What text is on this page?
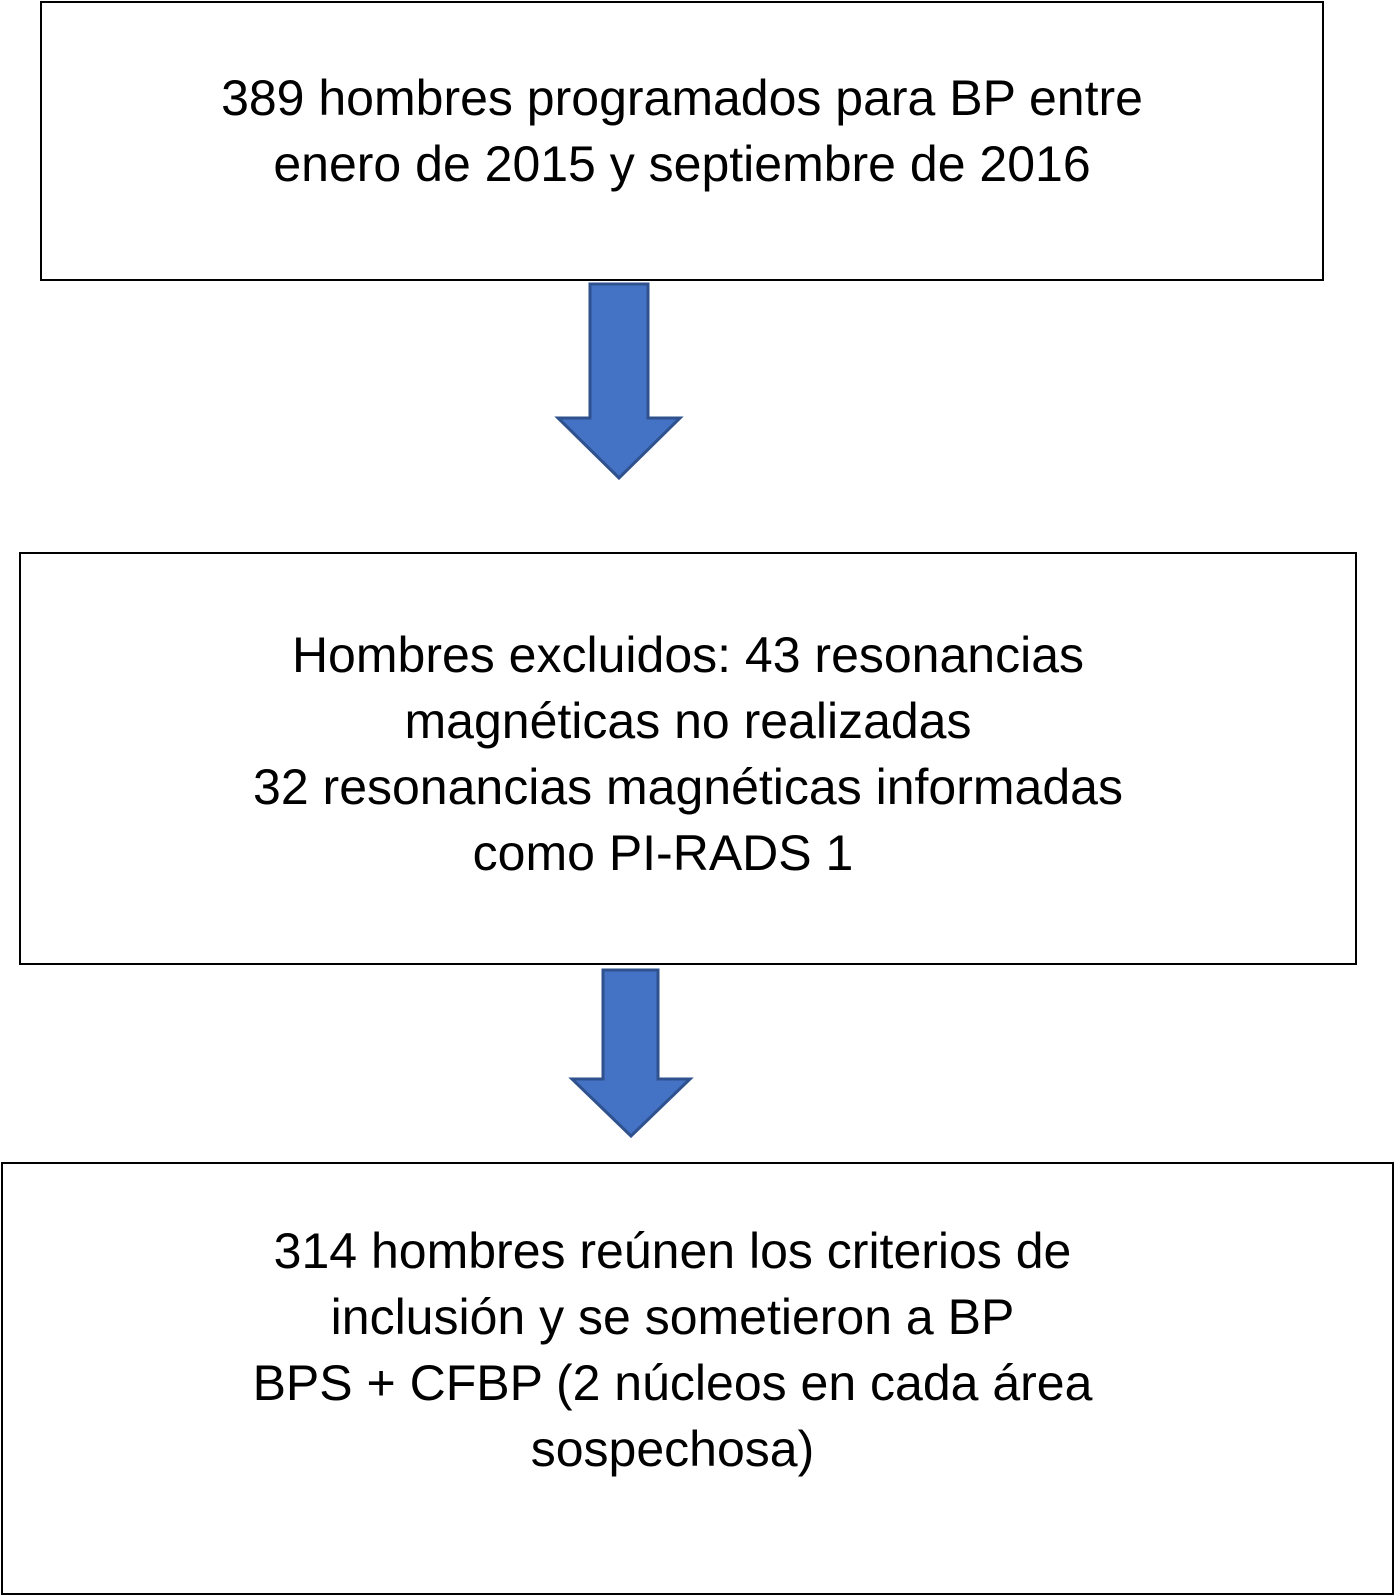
389 hombres programados para BP entre
enero de 2015 y septiembre de 2016
Hombres excluidos: 43 resonancias
magnéticas no realizadas
32 resonancias magnéticas informadas
como PI-RADS 1
314 hombres reúnen los criterios de
inclusión y se sometieron a BP
BPS + CFBP (2 núcleos en cada área
sospechosa)
